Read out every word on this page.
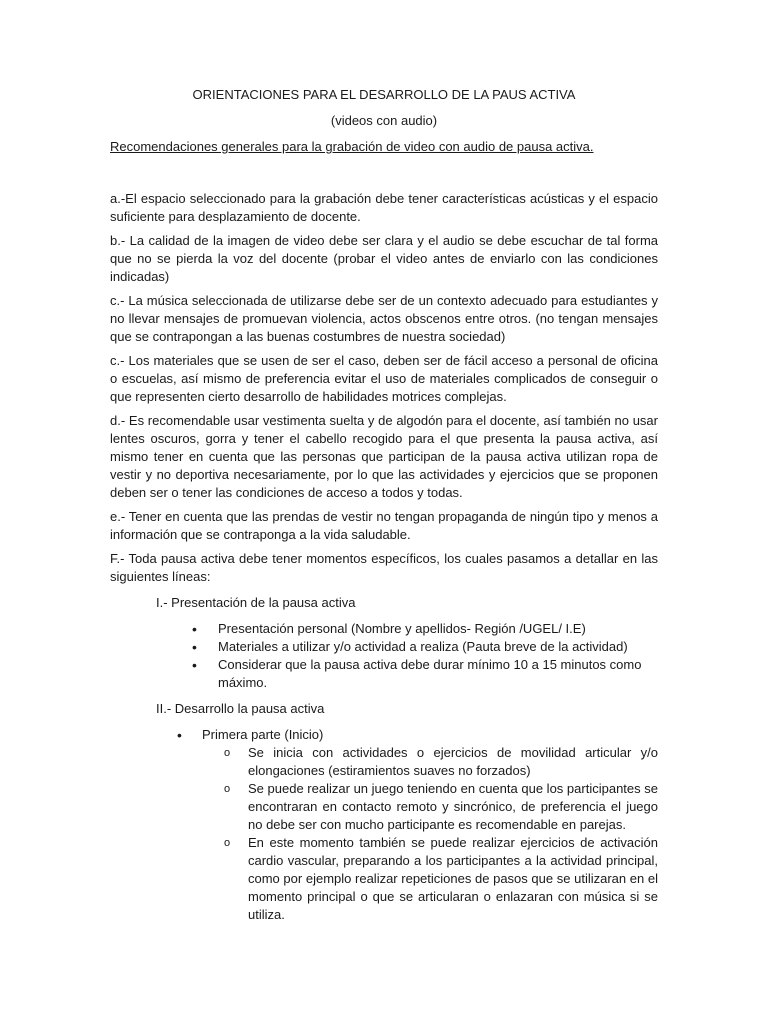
ORIENTACIONES PARA EL DESARROLLO DE LA PAUS ACTIVA

(videos con audio)

Recomendaciones generales para la grabación de video con audio de pausa activa.

a.-El espacio seleccionado para la grabación debe tener características acústicas y el espacio suficiente para desplazamiento de docente.

b.- La calidad de la imagen de video debe ser clara y el audio se debe escuchar de tal forma que no se pierda la voz del docente (probar el video antes de enviarlo con las condiciones indicadas)

c.- La música seleccionada de utilizarse debe ser de un contexto adecuado para estudiantes y no llevar mensajes de promuevan violencia, actos obscenos entre otros. (no tengan mensajes que se contrapongan a las buenas costumbres de nuestra sociedad)

c.- Los materiales que se usen de ser el caso, deben ser de fácil acceso a personal de oficina o escuelas, así mismo de preferencia evitar el uso de materiales complicados de conseguir o que representen cierto desarrollo de habilidades motrices complejas.

d.- Es recomendable usar vestimenta suelta y de algodón para el docente, así también no usar lentes oscuros, gorra y tener el cabello recogido para el que presenta la pausa activa, así mismo tener en cuenta que las personas que participan de la pausa activa utilizan ropa de vestir y no deportiva necesariamente, por lo que las actividades y ejercicios que se proponen deben ser o tener las condiciones de acceso a todos y todas.

e.- Tener en cuenta que las prendas de vestir no tengan propaganda de ningún tipo y menos a información que se contraponga a la vida saludable.

F.- Toda pausa activa debe tener momentos específicos, los cuales pasamos a detallar en las siguientes líneas:

I.- Presentación de la pausa activa

• Presentación personal (Nombre y apellidos- Región /UGEL/ I.E)
• Materiales a utilizar y/o actividad a realiza (Pauta breve de la actividad)
• Considerar que la pausa activa debe durar mínimo 10 a 15 minutos como máximo.

II.- Desarrollo la pausa activa

• Primera parte (Inicio)
o Se inicia con actividades o ejercicios de movilidad articular y/o elongaciones (estiramientos suaves no forzados)
o Se puede realizar un juego teniendo en cuenta que los participantes se encontraran en contacto remoto y sincrónico, de preferencia el juego no debe ser con mucho participante es recomendable en parejas.
o En este momento también se puede realizar ejercicios de activación cardio vascular, preparando a los participantes a la actividad principal, como por ejemplo realizar repeticiones de pasos que se utilizaran en el momento principal o que se articularan o enlazaran con música si se utiliza.
